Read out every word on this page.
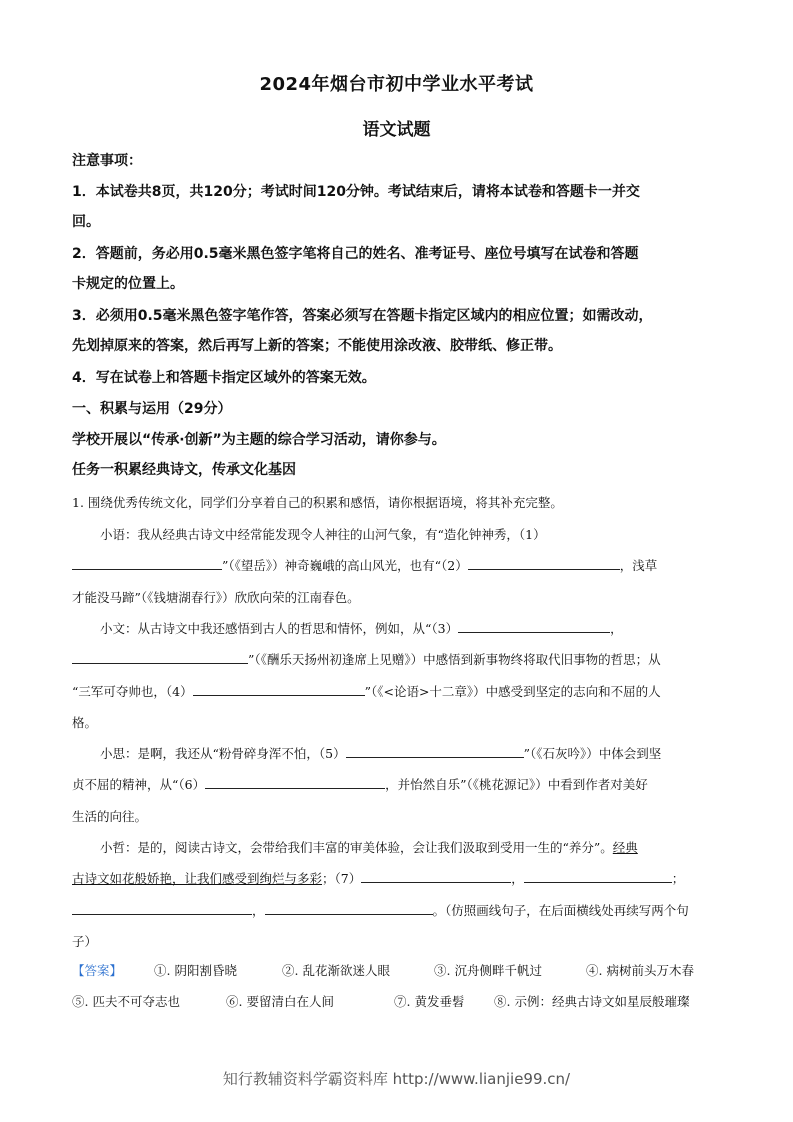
2024年烟台市初中学业水平考试
语文试题
注意事项：
1．本试卷共8页，共120分；考试时间120分钟。考试结束后，请将本试卷和答题卡一并交
回。
2．答题前，务必用0.5毫米黑色签字笔将自己的姓名、准考证号、座位号填写在试卷和答题
卡规定的位置上。
3．必须用0.5毫米黑色签字笔作答，答案必须写在答题卡指定区域内的相应位置；如需改动，
先划掉原来的答案，然后再写上新的答案；不能使用涂改液、胶带纸、修正带。
4．写在试卷上和答题卡指定区域外的答案无效。
一、积累与运用（29分）
学校开展以“传承·创新”为主题的综合学习活动，请你参与。
任务一积累经典诗文，传承文化基因
1. 围绕优秀传统文化，同学们分享着自己的积累和感悟，请你根据语境，将其补充完整。
小语：我从经典古诗文中经常能发现令人神往的山河气象，有“造化钟神秀，（1）
”（《望岳》）神奇巍峨的高山风光，也有“（2）	，浅草
才能没马蹄”（《钱塘湖春行》）欣欣向荣的江南春色。
小文：从古诗文中我还感悟到古人的哲思和情怀，例如，从“（3）	，
”（《酬乐天扬州初逢席上见赠》）中感悟到新事物终将取代旧事物的哲思；从
“三军可夺帅也，（4）	”（《<论语>十二章》）中感受到坚定的志向和不屈的人
格。
小思：是啊，我还从“粉骨碎身浑不怕，（5）	”（《石灰吟》）中体会到坚
贞不屈的精神，从“（6）	，并怡然自乐”（《桃花源记》）中看到作者对美好
生活的向往。
小哲：是的，阅读古诗文，会带给我们丰富的审美体验，会让我们汲取到受用一生的“养分”。经典
古诗文如花般娇艳，让我们感受到绚烂与多彩；（7）	，	；
，	。（仿照画线句子，在后面横线处再续写两个句
子）
【答案】	①. 阴阳割昏晓	②. 乱花渐欲迷人眼	③. 沉舟侧畔千帆过	④. 病树前头万木春
⑤. 匹夫不可夺志也	⑥. 要留清白在人间	⑦. 黄发垂髫 ⑧. 示例：经典古诗文如星辰般璀璨
知行教辅资料学霸资料库 http://www.lianjie99.cn/
